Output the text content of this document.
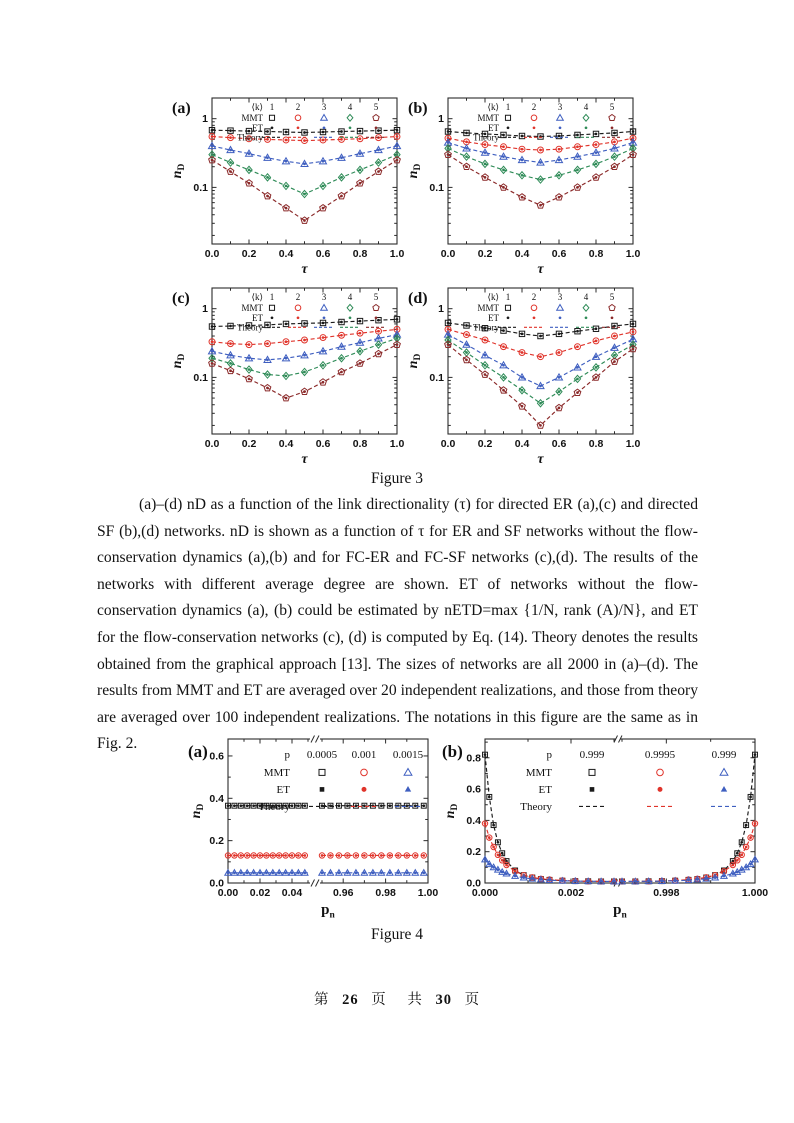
0.0 0.2 0.4 0.6 0.8 1.0
1
0.1
(a)
$n_D$
τ
⟨k⟩ 1 2 3 4 5
MMT
ET
Theory
0.0 0.2 0.4 0.6 0.8 1.0
1
0.1
(b)
$n_D$
τ
⟨k⟩ 1 2 3 4 5
MMT
ET
Theory
0.0 0.2 0.4 0.6 0.8 1.0
1
0.1
(c)
$n_D$
τ
⟨k⟩ 1 2 3 4 5
MMT
ET
Theory
0.0 0.2 0.4 0.6 0.8 1.0
1
0.1
(d)
$n_D$
τ
⟨k⟩ 1 2 3 4 5
MMT
ET
Theory
Figure 3

(a)–(d) nD as a function of the link directionality (τ) for directed ER (a),(c) and directed SF (b),(d) networks. nD is shown as a function of τ for ER and SF networks without the flow-conservation dynamics (a),(b) and for FC-ER and FC-SF networks (c),(d). The results of the networks with different average degree are shown. ET of networks without the flow-conservation dynamics (a), (b) could be estimated by nETD=max {1/N, rank (A)/N}, and ET for the flow-conservation networks (c), (d) is computed by Eq. (14). Theory denotes the results obtained from the graphical approach [13]. The sizes of networks are all 2000 in (a)–(d). The results from MMT and ET are averaged over 20 independent realizations, and those from theory are averaged over 100 independent realizations. The notations in this figure are the same as in Fig. 2.

0.00 0.02 0.04	0.96 0.98 1.00
0.0
0.2
0.4
0.6
(a)
$n_D$
$p_n$
p 0.0005 0.001 0.0015
MMT
ET
Theory
0.000	0.002	0.998	1.000
0.0
0.2
0.4
0.6
0.8
(b)
$n_D$
$p_n$
p	0.999	0.9995	0.999
MMT
ET
Theory
Figure 4
第 26 页 共 30 页
